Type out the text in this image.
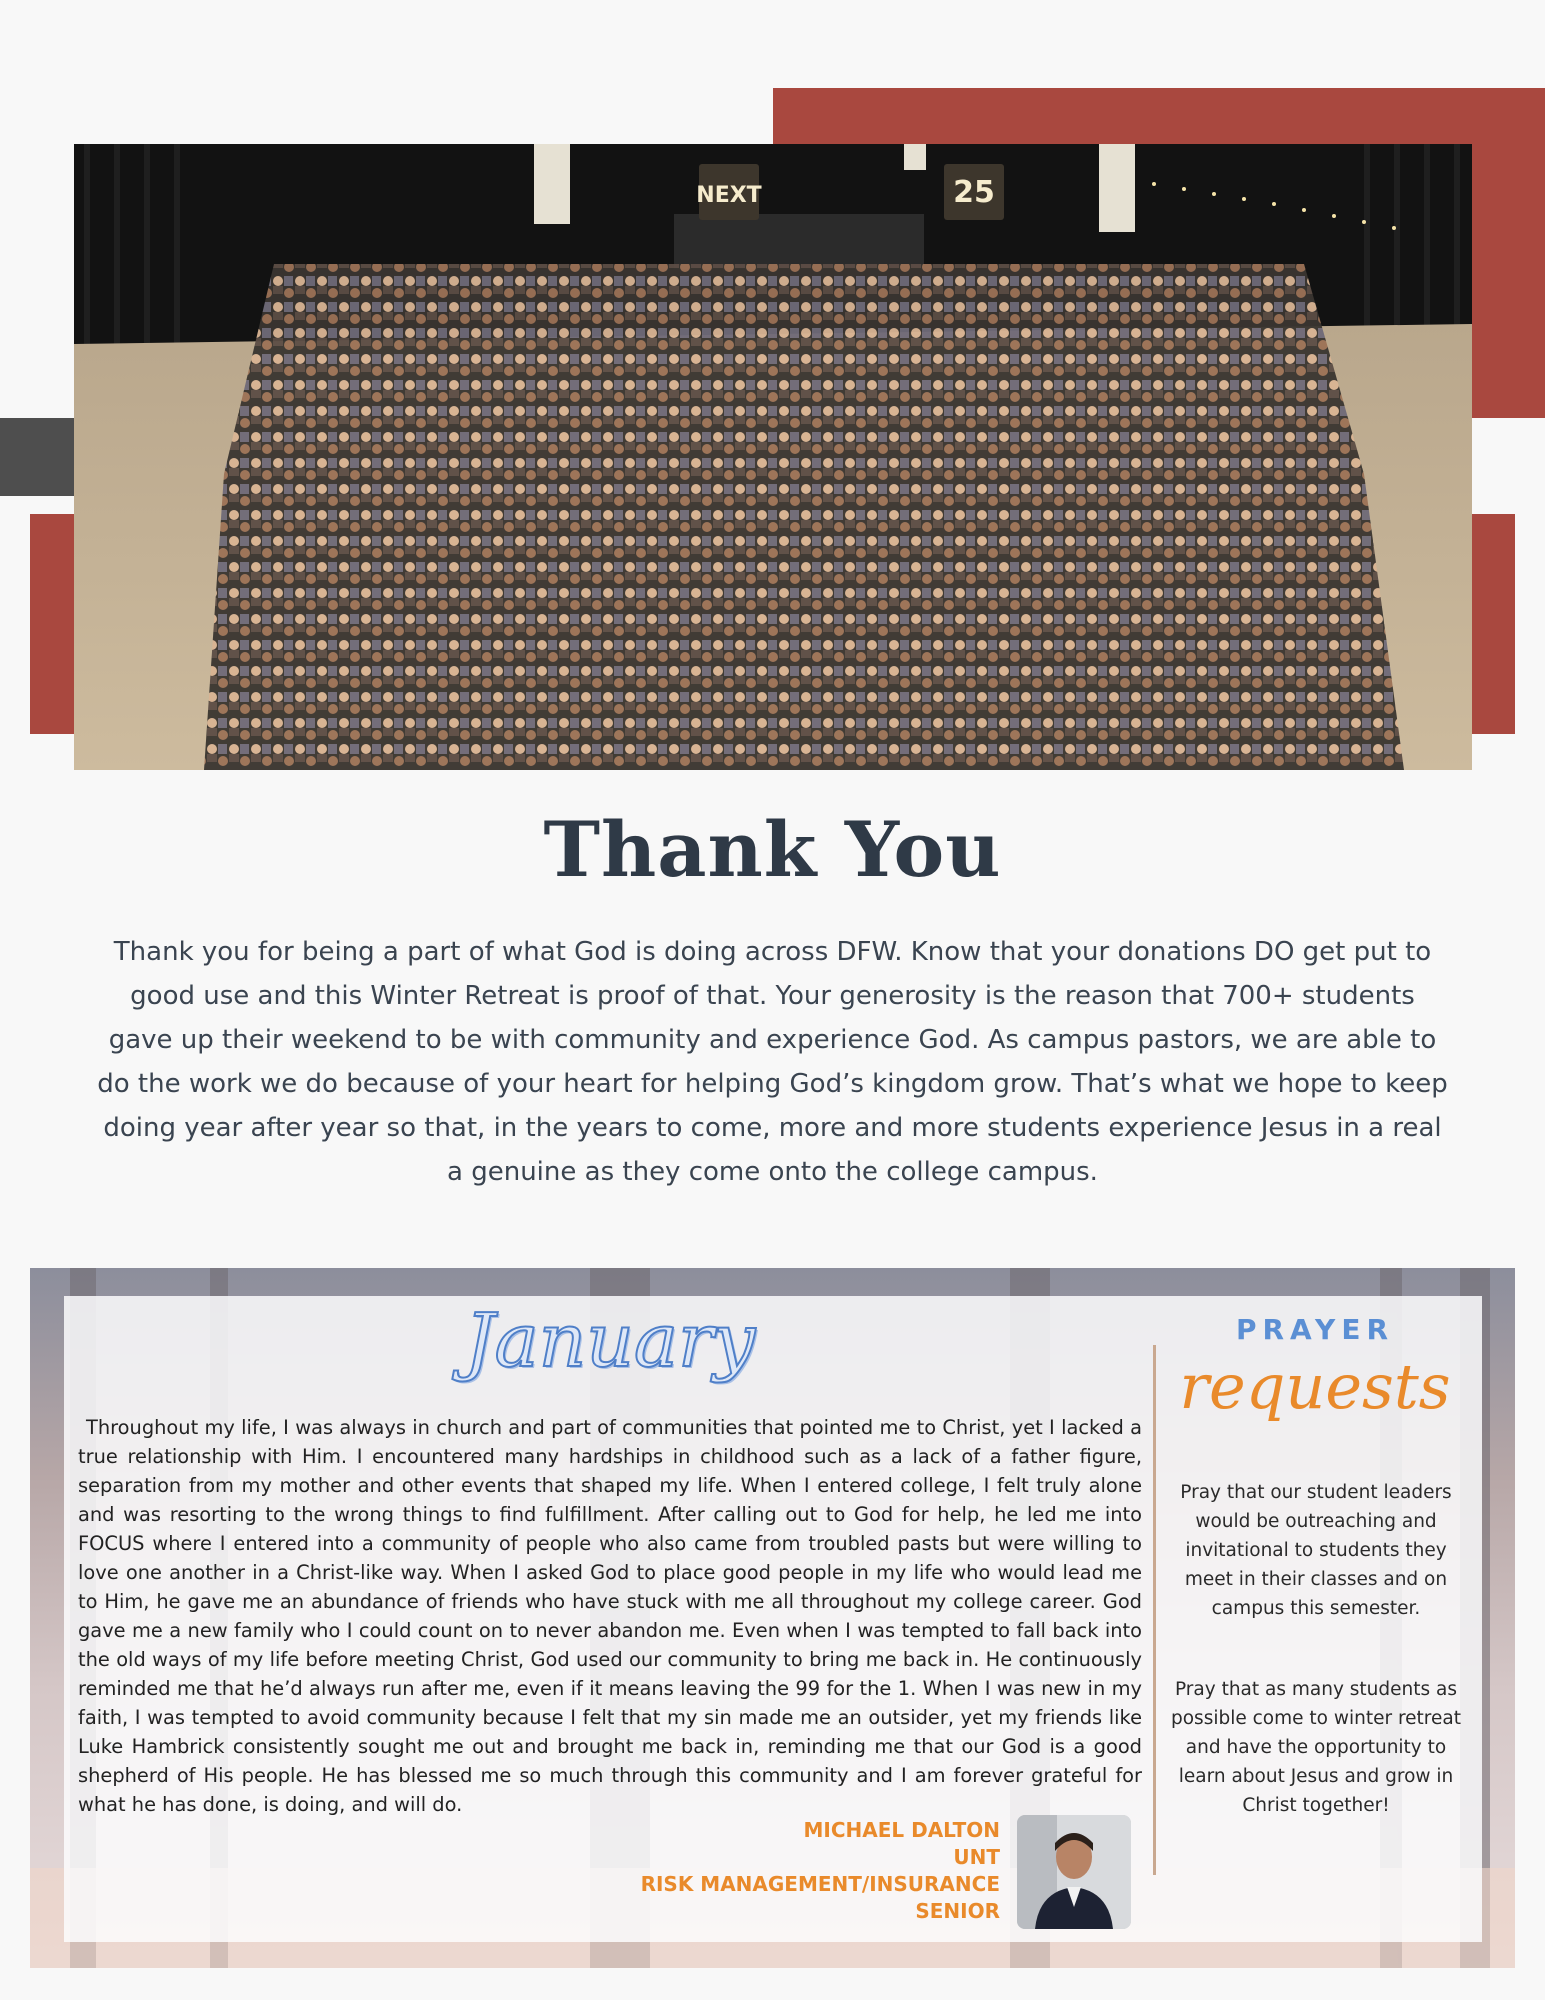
NEXT	25
Thank You
Thank you for being a part of what God is doing across DFW. Know that your donations DO get put to good use and this Winter Retreat is proof of that. Your generosity is the reason that 700+ students gave up their weekend to be with community and experience God. As campus pastors, we are able to do the work we do because of your heart for helping God’s kingdom grow. That’s what we hope to keep doing year after year so that, in the years to come, more and more students experience Jesus in a real a genuine as they come onto the college campus.
January
Throughout my life, I was always in church and part of communities that pointed me to Christ, yet I lacked a true relationship with Him. I encountered many hardships in childhood such as a lack of a father figure, separation from my mother and other events that shaped my life. When I entered college, I felt truly alone and was resorting to the wrong things to find fulfillment. After calling out to God for help, he led me into FOCUS where I entered into a community of people who also came from troubled pasts but were willing to love one another in a Christ-like way. When I asked God to place good people in my life who would lead me to Him, he gave me an abundance of friends who have stuck with me all throughout my college career. God gave me a new family who I could count on to never abandon me. Even when I was tempted to fall back into the old ways of my life before meeting Christ, God used our community to bring me back in. He continuously reminded me that he’d always run after me, even if it means leaving the 99 for the 1. When I was new in my faith, I was tempted to avoid community because I felt that my sin made me an outsider, yet my friends like Luke Hambrick consistently sought me out and brought me back in, reminding me that our God is a good shepherd of His people. He has blessed me so much through this community and I am forever grateful for what he has done, is doing, and will do.
MICHAEL DALTON
UNT
RISK MANAGEMENT/INSURANCE
SENIOR
PRAYER
requests

Pray that our student leaders would be outreaching and invitational to students they meet in their classes and on campus this semester.

Pray that as many students as possible come to winter retreat and have the opportunity to learn about Jesus and grow in Christ together!
